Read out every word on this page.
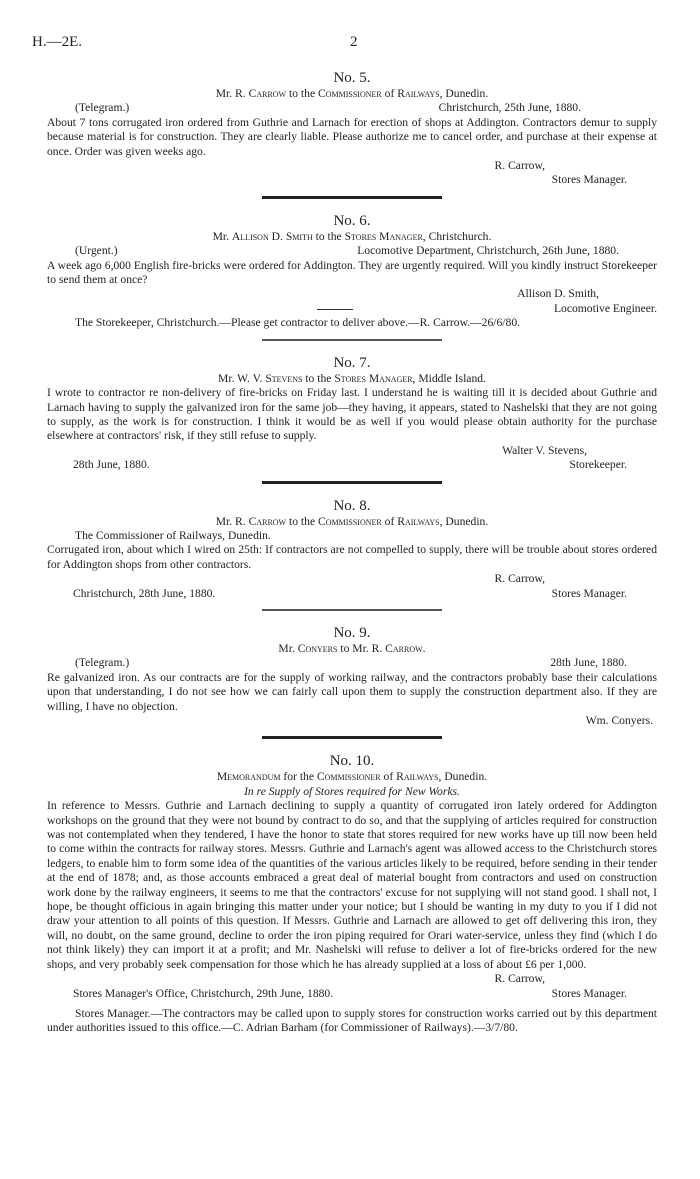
H.—2E.	2
No. 5.
Mr. R. Carrow to the Commissioner of Railways, Dunedin.
(Telegram.)	Christchurch, 25th June, 1880.

About 7 tons corrugated iron ordered from Guthrie and Larnach for erection of shops at Addington. Contractors demur to supply because material is for construction. They are clearly liable. Please authorize me to cancel order, and purchase at their expense at once. Order was given weeks ago.

R. Carrow,
Stores Manager.
No. 6.
Mr. Allison D. Smith to the Stores Manager, Christchurch.
(Urgent.)	Locomotive Department, Christchurch, 26th June, 1880.

A week ago 6,000 English fire-bricks were ordered for Addington. They are urgently required. Will you kindly instruct Storekeeper to send them at once?

Allison D. Smith,
Locomotive Engineer.

The Storekeeper, Christchurch.—Please get contractor to deliver above.—R. Carrow.—26/6/80.

No. 7.
Mr. W. V. Stevens to the Stores Manager, Middle Island.

I wrote to contractor re non-delivery of fire-bricks on Friday last. I understand he is waiting till it is decided about Guthrie and Larnach having to supply the galvanized iron for the same job—they having, it appears, stated to Nashelski that they are not going to supply, as the work is for construction. I think it would be as well if you would please obtain authority for the purchase elsewhere at contractors' risk, if they still refuse to supply.

Walter V. Stevens,
28th June, 1880.	Storekeeper.
No. 8.
Mr. R. Carrow to the Commissioner of Railways, Dunedin.
The Commissioner of Railways, Dunedin.

Corrugated iron, about which I wired on 25th: If contractors are not compelled to supply, there will be trouble about stores ordered for Addington shops from other contractors.

R. Carrow,
Christchurch, 28th June, 1880.	Stores Manager.
No. 9.
Mr. Conyers to Mr. R. Carrow.
(Telegram.)	28th June, 1880.

Re galvanized iron. As our contracts are for the supply of working railway, and the contractors probably base their calculations upon that understanding, I do not see how we can fairly call upon them to supply the construction department also. If they are willing, I have no objection.

Wm. Conyers.
No. 10.
Memorandum for the Commissioner of Railways, Dunedin.
In re Supply of Stores required for New Works.

In reference to Messrs. Guthrie and Larnach declining to supply a quantity of corrugated iron lately ordered for Addington workshops on the ground that they were not bound by contract to do so, and that the supplying of articles required for construction was not contemplated when they tendered, I have the honor to state that stores required for new works have up till now been held to come within the contracts for railway stores. Messrs. Guthrie and Larnach's agent was allowed access to the Christchurch stores ledgers, to enable him to form some idea of the quantities of the various articles likely to be required, before sending in their tender at the end of 1878; and, as those accounts embraced a great deal of material bought from contractors and used on construction work done by the railway engineers, it seems to me that the contractors' excuse for not supplying will not stand good. I shall not, I hope, be thought officious in again bringing this matter under your notice; but I should be wanting in my duty to you if I did not draw your attention to all points of this question. If Messrs. Guthrie and Larnach are allowed to get off delivering this iron, they will, no doubt, on the same ground, decline to order the iron piping required for Orari water-service, unless they find (which I do not think likely) they can import it at a profit; and Mr. Nashelski will refuse to deliver a lot of fire-bricks ordered for the new shops, and very probably seek compensation for those which he has already supplied at a loss of about £6 per 1,000.

R. Carrow,
Stores Manager's Office, Christchurch, 29th June, 1880.	Stores Manager.

Stores Manager.—The contractors may be called upon to supply stores for construction works carried out by this department under authorities issued to this office.—C. Adrian Barham (for Commissioner of Railways).—3/7/80.
